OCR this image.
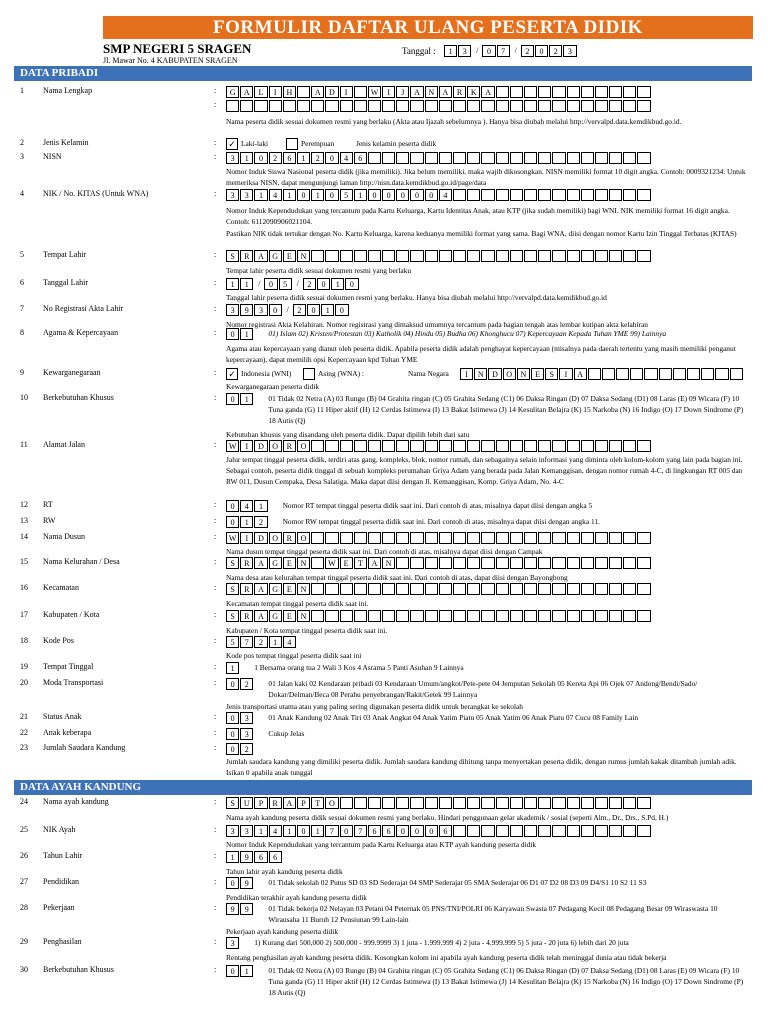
FORMULIR DAFTAR ULANG PESERTA DIDIK
SMP NEGERI 5 SRAGEN
Jl. Mawar No. 4 KABUPATEN SRAGEN
Tanggal :	1	3	/	0	7	/	2	0	2	3
DATA PRIBADI
DATA AYAH KANDUNG
1 Nama Lengkap	:	G	A	L	I	H	A	D	I	W	I	J	A	N	A	R	K	A
:
Nama peserta didik sesuai dokumen resmi yang berlaku (Akta atau Ijazah sebelumnya ). Hanya bisa diubah melalui http://vervalpd.data.kemdikbud.go.id.
2 Jenis Kelamin	: ✓ Laki-laki	Perempuan	Jenis kelamin peserta didik
3 NISN	:	3	1	0	2	6	1	2	0	4	6
Nomor Induk Siswa Nasional peserta didik (jika memiliki). Jika belum memiliki, maka wajib dikosongkan. NISN memiliki format 10 digit angka. Contoh: 0009321234. Untuk memeriksa NISN, dapat mengunjungi laman http://nisn.data.kemdikbud.go.id/page/data
4 NIK / No. KITAS (Untuk WNA)	:	3	3	1	4	1	0	1	0	5	1	0	0	0	0	0	4
Nomor Induk Kependudukan yang tercantum pada Kartu Keluarga, Kartu Identitas Anak, atau KTP (jika sudah memiliki) bagi WNI. NIK memiliki format 16 digit angka. Contoh: 6112090906021104.
Pastikan NIK tidak tertukar dengan No. Kartu Keluarga, karena keduanya memiliki format yang sama. Bagi WNA, diisi dengan nomor Kartu Izin Tinggal Terbatas (KITAS)
5 Tempat Lahir	:	S	R	A	G	E	N
Tempat lahir peserta didik sesuai dokumen resmi yang berlaku
6 Tanggal Lahir	:	1	1	/	0	5	/	2	0	1	0
Tanggal lahir peserta didik sesuai dokumen resmi yang berlaku. Hanya bisa diubah melalui http://vervalpd.data.kemdikbud.go.id
7 No Registrasi Akta Lahir	:	3	9	3	0	/	2	0	1	0
Nomor registrasi Akta Kelahiran. Nomor registrasi yang dimaksud umumnya tercantum pada bagian tengah atas lembar kutipan akta kelahiran
8 Agama & Kepercayaan	:	0	1	01) Islam 02) Kristen/Protestan 03) Katholik 04) Hindu 05) Budha 06) Khonghucu 07) Kepercayaan Kepada Tuhan YME 99) Lainnya
Agama atau kepercayaan yang dianut oleh peserta didik. Apabila peserta didik adalah penghayat kepercayaan (misalnya pada daerah tertentu yang masih memiliki penganut kepercayaan), dapat memilih opsi Kepercayaan kpd Tuhan YME
9 Kewarganegaraan	: ✓ Indonesia (WNI)	Asing (WNA) :	Nama Negara	I	N	D	O	N	E	S	I	A
Kewarganegaraan peserta didik
10 Berkebutuhan Khusus	:	0	1	01 Tidak 02 Netra (A) 03 Rungu (B) 04 Grahita ringan (C) 05 Grahita Sedang (C1) 06 Daksa Ringan (D) 07 Daksa Sedang (D1) 08 Laras (E) 09 Wicara (F) 10 Tuna ganda (G) 11 Hiper aktif (H) 12 Cerdas Istimewa (I) 13 Bakat Istimewa (J) 14 Kesulitan Belajra (K) 15 Narkoba (N) 16 Indigo (O) 17 Down Sindrome (P) 18 Autis (Q)
Kebutuhan khusus yang disandang oleh peserta didik. Dapat dipilih lebih dari satu
11 Alamat Jalan	:	W	I	D	O	R	O
Jalur tempat tinggal peserta didik, terdiri atas gang, kompleks, blok, nomor rumah, dan sebagainya selain informasi yang diminta oleh kolom-kolom yang lain pada bagian ini. Sebagai contoh, peserta didik tinggal di sebuah kompleks perumahan Griya Adam yang berada pada Jalan Kemanggisan, dengan nomor rumah 4-C, di lingkungan RT 005 dan RW 011, Dusun Cempaka, Desa Salatiga. Maka dapat diisi dengan Jl. Kemanggisan, Komp. Griya Adam, No. 4-C
12 RT	:	0	4	1	Nomor RT tempat tinggal peserta didik saat ini. Dari contoh di atas, misalnya dapat diisi dengan angka 5
13 RW	:	0	1	2	Nomor RW tempat tinggal peserta didik saat ini. Dari contoh di atas, misalnya dapat diisi dengan angka 11.
14 Nama Dusun	:	W	I	D	O	R	O
Nama dusun tempat tinggal peserta didik saat ini. Dari contoh di atas, misalnya dapat diisi dengan Campak
15 Nama Kelurahan / Desa	:	S	R	A	G	E	N	W E	T	A	N
Nama desa atau kelurahan tempat tinggal peserta didik saat ini. Dari contoh di atas, dapat diisi dengan Bayongbong
16 Kecamatan	:	S	R	A	G	E	N
Kecamatan tempat tinggal peserta didik saat ini.
17 Kabupaten / Kota	:	S	R	A	G	E	N
Kabupaten / Kota tempat tinggal peserta didik saat ini.
18 Kode Pos	:	5	7	2	1	4
Kode pos tempat tinggal peserta didik saat ini
19 Tempat Tinggal	:	1	1 Bersama orang tua 2 Wali 3 Kos 4 Asrama 5 Panti Asuhan 9 Lainnya
20 Moda Transportasi	:	0	2	01 Jalan kaki 02 Kendaraan pribadi 03 Kendaraan Umum/angkot/Pete-pete 04 Jemputan Sekolah 05 Kereta Api 06 Ojek 07 Andong/Bendi/Sado/ Dokar/Delman/Beca 08 Perahu penyebrangan/Rakit/Getek 99 Lainnya
Jenis transportasi utama atau yang paling sering digunakan peserta didik untuk berangkat ke sekolah
21 Status Anak	:	0	3	01 Anak Kandung 02 Anak Tiri 03 Anak Angkat 04 Anak Yatim Piatu 05 Anak Yatim 06 Anak Piatu 07 Cucu 08 Family Lain
22 Anak keberapa	:	0	3	Cukup Jelas
23 Jumlah Saudara Kandung	:	0	2
Jumlah saudara kandung yang dimiliki peserta didik. Jumlah saudara kandung dihitung tanpa menyertakan peserta didik, dengan rumus jumlah kakak ditambah jumlah adik. Isikan 0 apabila anak tunggal
24 Nama ayah kandung	:	S	U	P	R	A	P	T	O
Nama ayah kandung peserta didik sesuai dokumen resmi yang berlaku. Hindari penggunaan gelar akademik / sosial (seperti Alm., Dr., Drs., S.Pd, H.)
25 NIK Ayah	:	3	3	1	4	1	0	1	7	0	7	6	6	0	0	0	6
Nomor Induk Kependudukan yang tercantum pada Kartu Keluarga atau KTP ayah kandung peserta didik
26 Tahun Lahir	:	1	9	6	6
Tahun lahir ayah kandung peserta didik
27 Pendidikan	:	0	9	01 Tidak sekolah 02 Putus SD 03 SD Sederajat 04 SMP Sederajat 05 SMA Sederajat 06 D1 07 D2 08 D3 09 D4/S1 10 S2 11 S3
Pendidikan terakhir ayah kandung peserta didik
28 Pekerjaan	:	9	9	01 Tidak bekerja 02 Nelayan 03 Petani 04 Peternak 05 PNS/TNI/POLRI 06 Karyawan Swasta 07 Pedagang Kecil 08 Pedagang Besar 09 Wiraswasta 10 Wirausaha 11 Buruh 12 Pensiunan 99 Lain-lain
Pekerjaan ayah kandung peserta didik
29 Penghasilan	:	3	1) Kurang dari 500,000 2) 500.000 - 999.9999 3) 1 juta - 1.999.999 4) 2 juta - 4.999.999 5) 5 juta - 20 juta 6) lebih dari 20 juta
Rentang penghasilan ayah kandung peserta didik. Kosongkan kolom ini apabila ayah kandung peserta didik telah meninggal dunia atau tidak bekerja
30 Berkebutuhan Khusus	:	0	1	01 Tidak 02 Netra (A) 03 Rungu (B) 04 Grahita ringan (C) 05 Grahita Sedang (C1) 06 Daksa Ringan (D) 07 Daksa Sedang (D1) 08 Laras (E) 09 Wicara (F) 10 Tuna ganda (G) 11 Hiper aktif (H) 12 Cerdas Istimewa (I) 13 Bakat Istimewa (J) 14 Kesulitan Belajra (K) 15 Narkoba (N) 16 Indigo (O) 17 Down Sindrome (P) 18 Autis (Q)
